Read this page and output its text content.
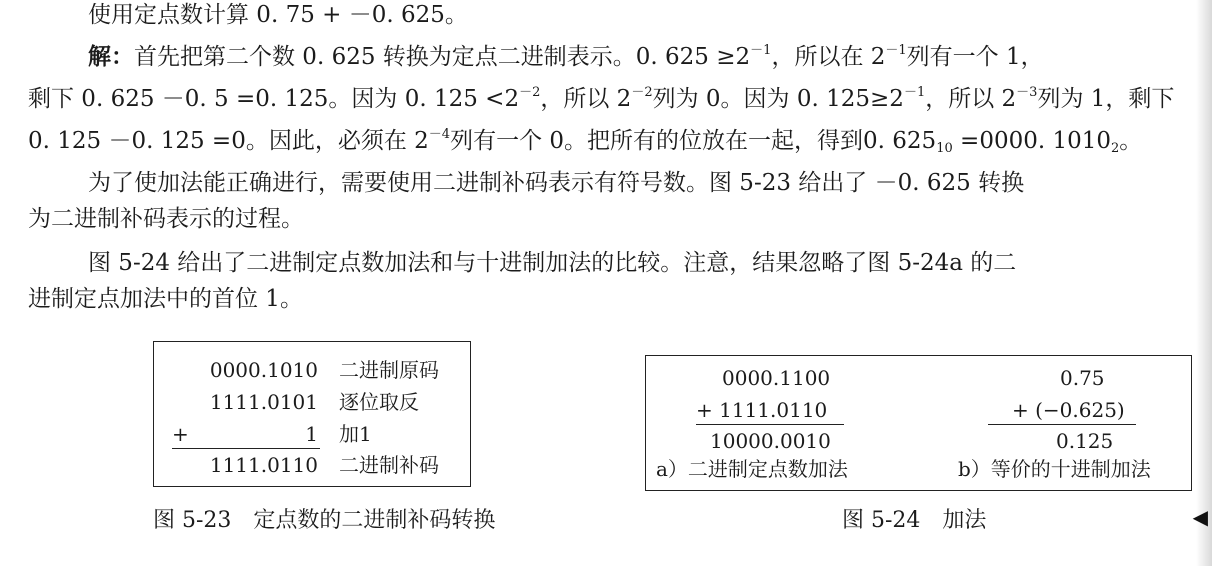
使用定点数计算 0. 75 + －0. 625。

解：首先把第二个数 0. 625 转换为定点二进制表示。0. $625 \ge 2^{-1}$，所以在 $2^{-1}$列有一个 1，

剩下 0. 625 －0. 5 =0. 125。因为 0. $125 <2^{-2}$，所以 $2^{-2}$列为 0。因为 0. $125\ge 2^{-1}$，所以 $2^{-3}$列为 1，剩下

0. 125 －0. 125 =0。因此，必须在 $2^{-4}$列有一个 0。把所有的位放在一起，得到0. $625_{10} =0000$. $1010_2$。

为了使加法能正确进行，需要使用二进制补码表示有符号数。图 5-23 给出了 －0. 625 转换

为二进制补码表示的过程。

图 5-24 给出了二进制定点数加法和与十进制加法的比较。注意，结果忽略了图 5-24a 的二

进制定点加法中的首位 1。

0000.1010 二进制原码
1111.0101 逐位取反
+	1 加1
1111.0110 二进制补码
图 5-23　定点数的二进制补码转换
0000.1100
+ 1111.0110
10000.0010
a）二进制定点数加法
0.75
+ (−0.625)
0.125
b）等价的十进制加法
图 5-24　加法	◀
